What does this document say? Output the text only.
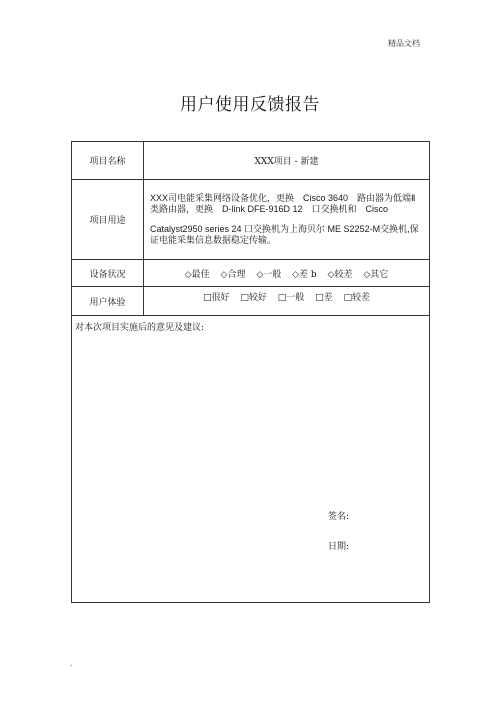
精品文档
用户使用反馈报告
项目名称	XXX项目 - 新建
项目用途	XXX司电能采集网络设备优化，更换　Cisco 3640　路由器为低端Ⅱ类路由器，更换　D-link DFE-916D 12　口交换机和　Cisco
Catalyst2950 series 24 口交换机为上海贝尔 ME S2252-M交换机,保证电能采集信息数据稳定传输。

设备状况	◇最佳 ◇合理 ◇一般 ◇差 b ◇较差 ◇其它
用户体验	□很好 □较好 □一般 □差 □较差

对本次项目实施后的意见及建议:
签名:
日期:	
.
